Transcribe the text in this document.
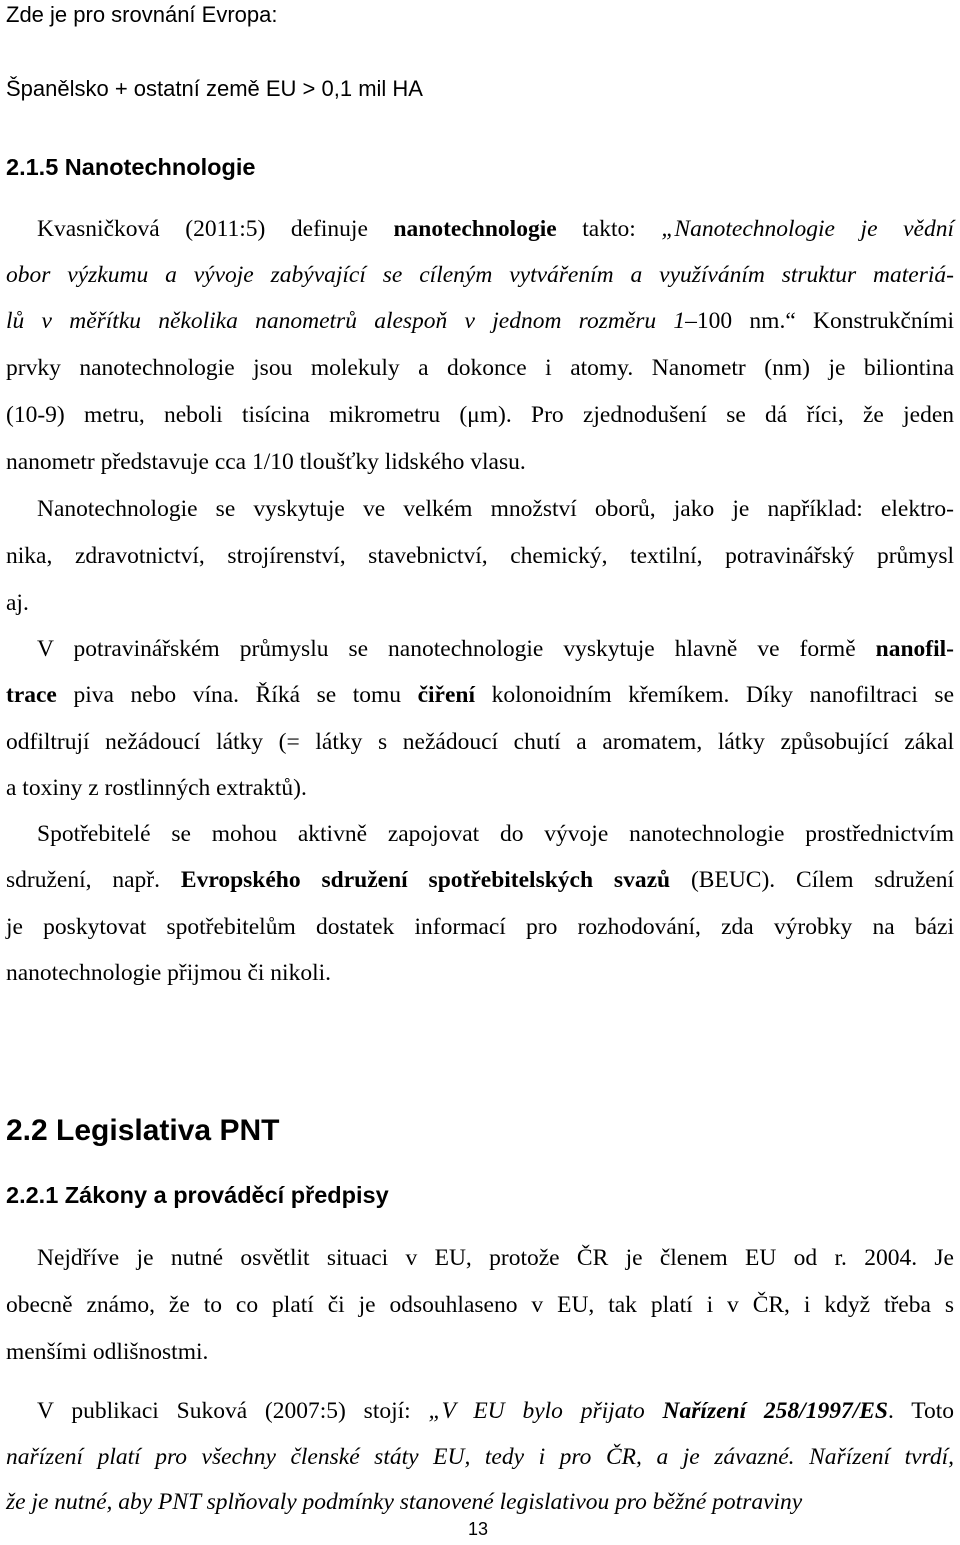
Zde je pro srovnání Evropa:
Španělsko + ostatní země EU > 0,1 mil HA
2.1.5 Nanotechnologie
Kvasničková (2011:5) definuje nanotechnologie takto: „Nanotechnologie je vědní
obor výzkumu a vývoje zabývající se cíleným vytvářením a využíváním struktur materiá-
lů v měřítku několika nanometrů alespoň v jednom rozměru 1–100 nm.“ Konstrukčními
prvky nanotechnologie jsou molekuly a dokonce i atomy. Nanometr (nm) je biliontina
(10-9) metru, neboli tisícina mikrometru (μm). Pro zjednodušení se dá říci, že jeden
nanometr představuje cca 1/10 tloušťky lidského vlasu.
Nanotechnologie se vyskytuje ve velkém množství oborů, jako je například: elektro-
nika, zdravotnictví, strojírenství, stavebnictví, chemický, textilní, potravinářský průmysl
aj.
V potravinářském průmyslu se nanotechnologie vyskytuje hlavně ve formě nanofil-
trace piva nebo vína. Říká se tomu čiření kolonoidním křemíkem. Díky nanofiltraci se
odfiltrují nežádoucí látky (= látky s nežádoucí chutí a aromatem, látky způsobující zákal
a toxiny z rostlinných extraktů).
Spotřebitelé se mohou aktivně zapojovat do vývoje nanotechnologie prostřednictvím
sdružení, např. Evropského sdružení spotřebitelských svazů (BEUC). Cílem sdružení
je poskytovat spotřebitelům dostatek informací pro rozhodování, zda výrobky na bázi
nanotechnologie přijmou či nikoli.
2.2 Legislativa PNT
2.2.1 Zákony a prováděcí předpisy
Nejdříve je nutné osvětlit situaci v EU, protože ČR je členem EU od r. 2004. Je
obecně známo, že to co platí či je odsouhlaseno v EU, tak platí i v ČR, i když třeba s
menšími odlišnostmi.
V publikaci Suková (2007:5) stojí: „V EU bylo přijato Nařízení 258/1997/ES. Toto
nařízení platí pro všechny členské státy EU, tedy i pro ČR, a je závazné. Nařízení tvrdí,
že je nutné, aby PNT splňovaly podmínky stanovené legislativou pro běžné potraviny
13
